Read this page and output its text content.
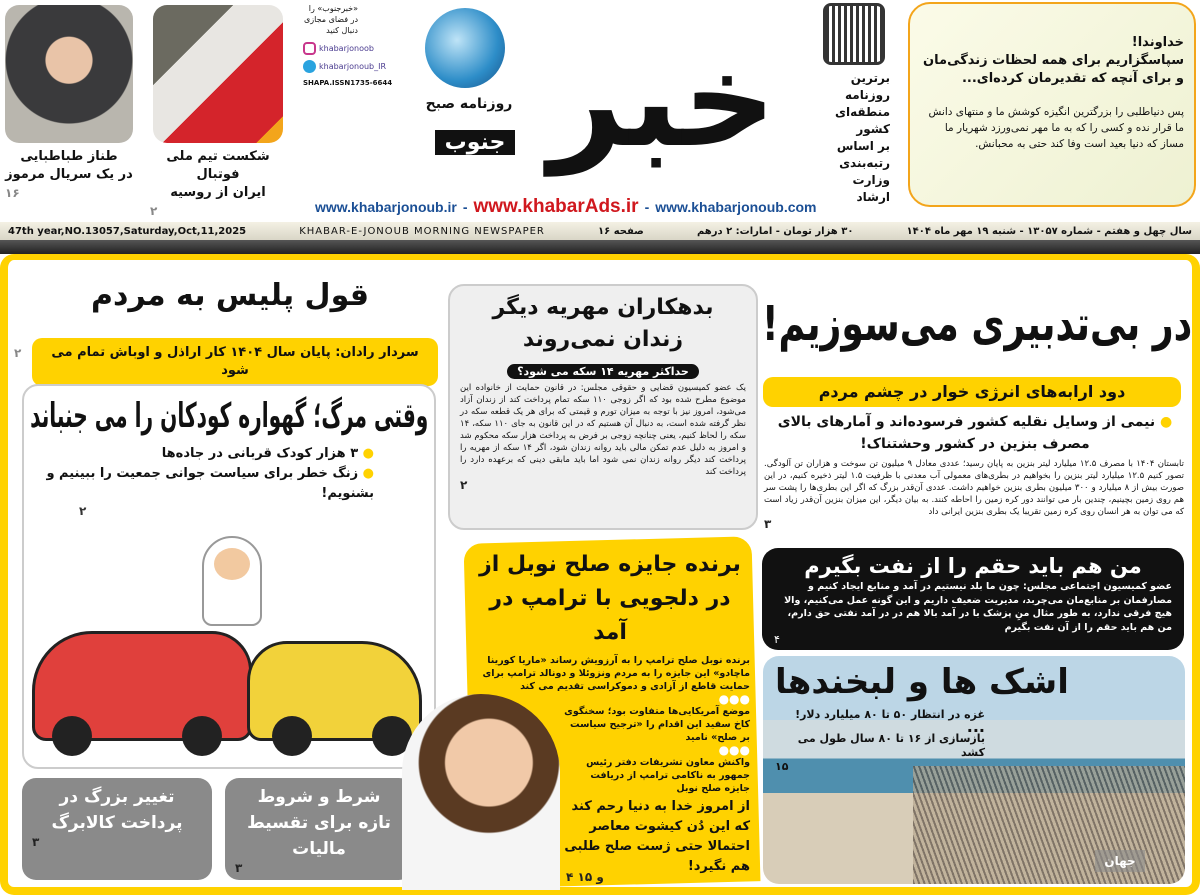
طناز طباطبایی
در یک سریال مرموز
۱۶
شکست تیم ملی فوتبال
ایران از روسیه
۲
«خبرجنوب» را در فضای مجازی دنبال کنید
khabarjonoob
khabarjonoub_IR
SHAPA.ISSN1735-6644
روزنامه صبح خبر
جنوب
برترین روزنامه
منطقه‌ای کشور
بر اساس
رتبه‌بندی
وزارت ارشاد
خداوندا!
سپاسگزاریم برای همه لحظات زندگی‌مان
و برای آنچه که تقدیرمان کرده‌ای...
پس دنیاطلبی را بزرگترین انگیزه کوشش ما و منتهای دانش ما قرار نده و کسی را که به ما مهر نمی‌ورزد شهریار ما مساز که دنیا بعید است وفا کند حتی به محبانش.
www.khabarjonoub.ir - www.khabarAds.ir - www.khabarjonoub.com
47th year,NO.13057,Saturday,Oct,11,2025	KHABAR-E-JONOUB MORNING NEWSPAPER	۱۶ صفحه	۳۰ هزار تومان - امارات: ۲ درهم	سال چهل و هفتم - شماره ۱۳۰۵۷ - شنبه ۱۹ مهر ماه ۱۴۰۴
قول پلیس به مردم
سردار رادان: پایان سال ۱۴۰۴ کار اراذل و اوباش تمام می شود
۲
وقتی مرگ؛ گهواره کودکان را می جنباند
● ۳ هزار کودک قربانی در جاده‌ها
● زنگ خطر برای سیاست جوانی جمعیت را ببینیم و بشنویم!
۲
شرط و شروط تازه برای تقسیط مالیات
۳
تغییر بزرگ در پرداخت کالابرگ
۳
بدهکاران مهریه دیگر زندان نمی‌روند
حداکثر مهریه ۱۴ سکه می شود؟
یک عضو کمیسیون قضایی و حقوقی مجلس: در قانون حمایت از خانواده این موضوع مطرح شده بود که اگر زوجی ۱۱۰ سکه تمام پرداخت کند از زندان آزاد می‌شود، امروز نیز با توجه به میزان تورم و قیمتی که برای هر یک قطعه سکه در نظر گرفته شده است، به دنبال آن هستیم که در این قانون به جای ۱۱۰ سکه، ۱۴ سکه را لحاظ کنیم، یعنی چنانچه زوجی بر فرض به پرداخت هزار سکه محکوم شد و امروز به دلیل عدم تمکن مالی باید روانه زندان شود، اگر ۱۴ سکه از مهریه را پرداخت کند دیگر روانه زندان نمی شود اما باید مابقی دینی که برعهده دارد را پرداخت کند
۲
برنده جایزه صلح نوبل از در دلجویی با ترامپ در آمد
برنده نوبل صلح ترامپ را به آرزویش رساند «ماریا کورینا ماچادو» این جایزه را به مردم ونزوئلا و دونالد ترامپ برای حمایت قاطع از آزادی و دموکراسی تقدیم می کند
●●●
موضع آمریکایی‌ها متفاوت بود؛ سخنگوی کاخ سفید این اقدام را «ترجیح سیاست بر صلح» نامید
●●●
واکنش معاون تشریفات دفتر رئیس جمهور به ناکامی ترامپ از دریافت جایزه صلح نوبل
از امروز خدا به دنیا رحم کند که این دُن کیشوت معاصر احتمالا حتی ژست صلح طلبی هم نگیرد!
۴ و ۱۵
در بی‌تدبیری می‌سوزیم!
دود ارابه‌های انرژی خوار در چشم مردم
● نیمی از وسایل نقلیه کشور فرسوده‌اند و آمارهای بالای مصرف بنزین در کشور وحشتناک!
تابستان ۱۴۰۴ با مصرف ۱۲.۵ میلیارد لیتر بنزین به پایان رسید؛ عددی معادل ۹ میلیون تن سوخت و هزاران تن آلودگی. تصور کنیم ۱۲.۵ میلیارد لیتر بنزین را بخواهیم در بطری‌های معمولی آب معدنی با ظرفیت ۱.۵ لیتر ذخیره کنیم، در این صورت بیش از ۸ میلیارد و ۳۰۰ میلیون بطری بنزین خواهیم داشت. عددی آن‌قدر بزرگ که اگر این بطری‌ها را پشت سر هم روی زمین بچینیم، چندین بار می توانند دور کره زمین را احاطه کنند. به بیان دیگر، این میزان بنزین آن‌قدر زیاد است که می توان به هر انسان روی کره زمین تقریبا یک بطری بنزین ایرانی داد
۳
من هم باید حقم را از نفت بگیرم
عضو کمیسیون اجتماعی مجلس: چون ما بلد نیستیم در آمد و منابع ایجاد کنیم و مصارفمان بر منابع‌مان می‌چربد، مدیریت ضعیف داریم و این گونه عمل می‌کنیم، والا هیچ فرقی ندارد، به طور مثال منِ پزشک با در آمد بالا هم در در آمد نفتی حق دارم، من هم باید حقم را از آن نفت بگیرم
۴
اشک ها و لبخندها
غزه در انتظار ۵۰ تا ۸۰ میلیارد دلار!
...
بازسازی از ۱۶ تا ۸۰ سال طول می کشد
۱۵
جهان
